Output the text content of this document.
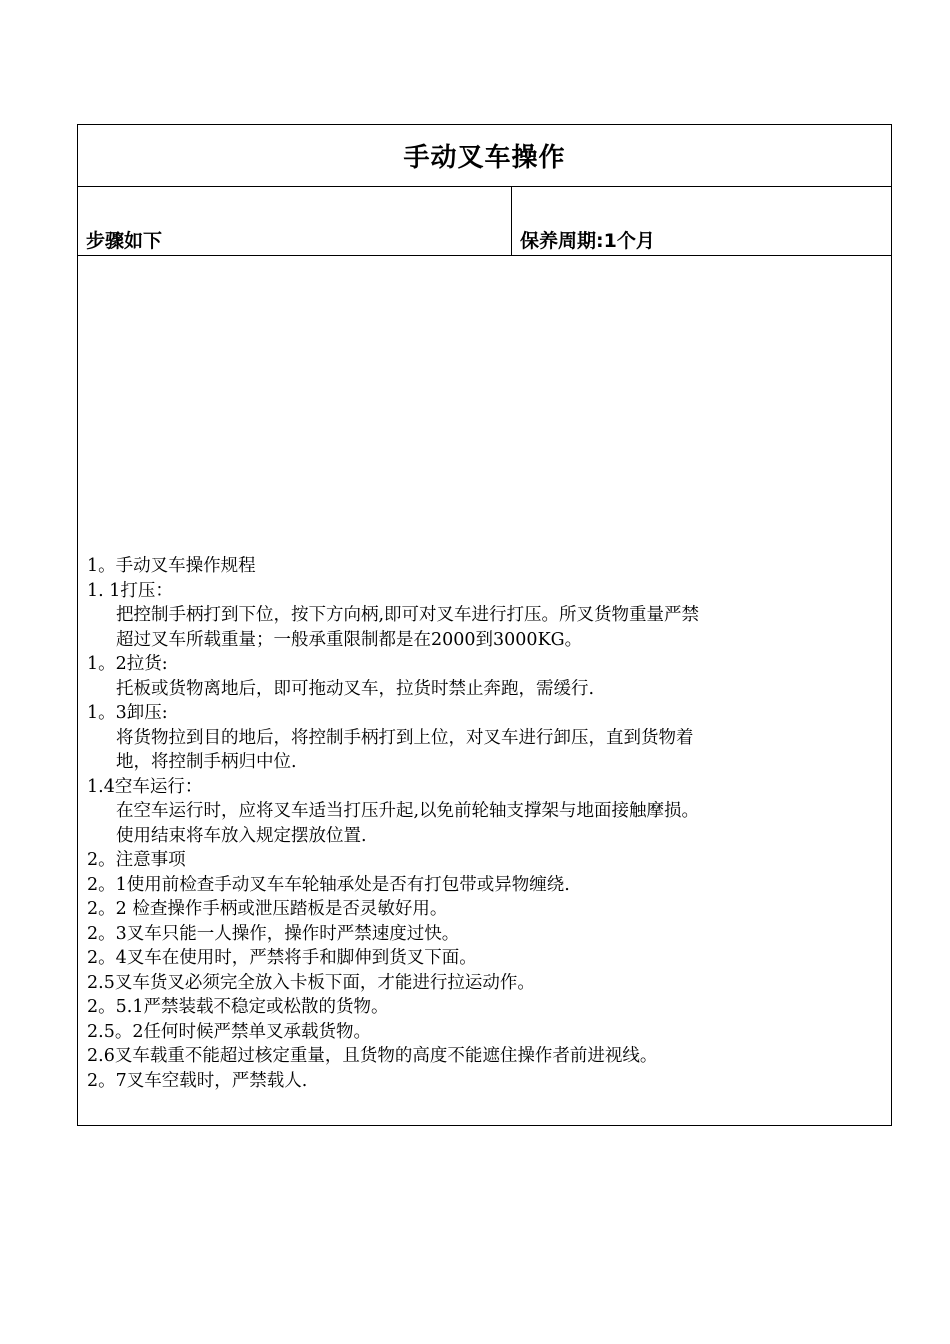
手动叉车操作
步骤如下	保养周期:1个月
1。手动叉车操作规程
1. 1打压：
把控制手柄打到下位，按下方向柄,即可对叉车进行打压。所叉货物重量严禁
超过叉车所载重量；一般承重限制都是在2000到3000KG。
1。2拉货:
托板或货物离地后，即可拖动叉车，拉货时禁止奔跑，需缓行.
1。3卸压:
将货物拉到目的地后，将控制手柄打到上位，对叉车进行卸压，直到货物着
地，将控制手柄归中位.
1.4空车运行：
在空车运行时，应将叉车适当打压升起,以免前轮轴支撑架与地面接触摩损。
使用结束将车放入规定摆放位置.
2。注意事项
2。1使用前检查手动叉车车轮轴承处是否有打包带或异物缠绕.
2。2 检查操作手柄或泄压踏板是否灵敏好用。
2。3叉车只能一人操作，操作时严禁速度过快。
2。4叉车在使用时，严禁将手和脚伸到货叉下面。
2.5叉车货叉必须完全放入卡板下面，才能进行拉运动作。
2。5.1严禁装载不稳定或松散的货物。
2.5。2任何时候严禁单叉承载货物。
2.6叉车载重不能超过核定重量，且货物的高度不能遮住操作者前进视线。
2。7叉车空载时，严禁载人.
